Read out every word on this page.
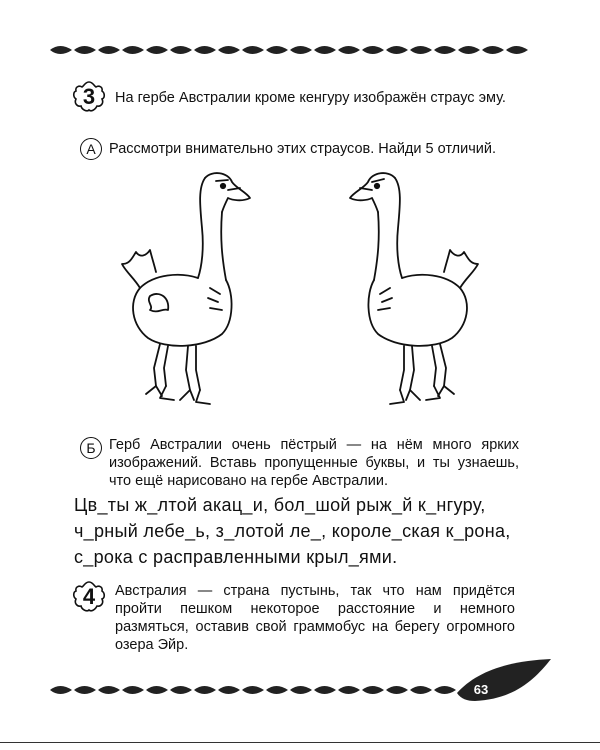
3 На гербе Австралии кроме кенгуру изображён страус эму.
А Рассмотри внимательно этих страусов. Найди 5 отличий.
Б Герб Австралии очень пёстрый — на нём много ярких изображений. Вставь пропущенные буквы, и ты узнаешь, что ещё нарисовано на гербе Австралии.
Цв_ты ж_лтой акац_и, бол_шой рыж_й к_нгуру,
ч_рный лебе_ь, з_лотой ле_, короле_ская к_рона,
с_рока с расправленными крыл_ями.
4 Австралия — страна пустынь, так что нам придётся пройти пешком некоторое расстояние и немного размяться, оставив свой граммобус на берегу огромного озера Эйр.
63
